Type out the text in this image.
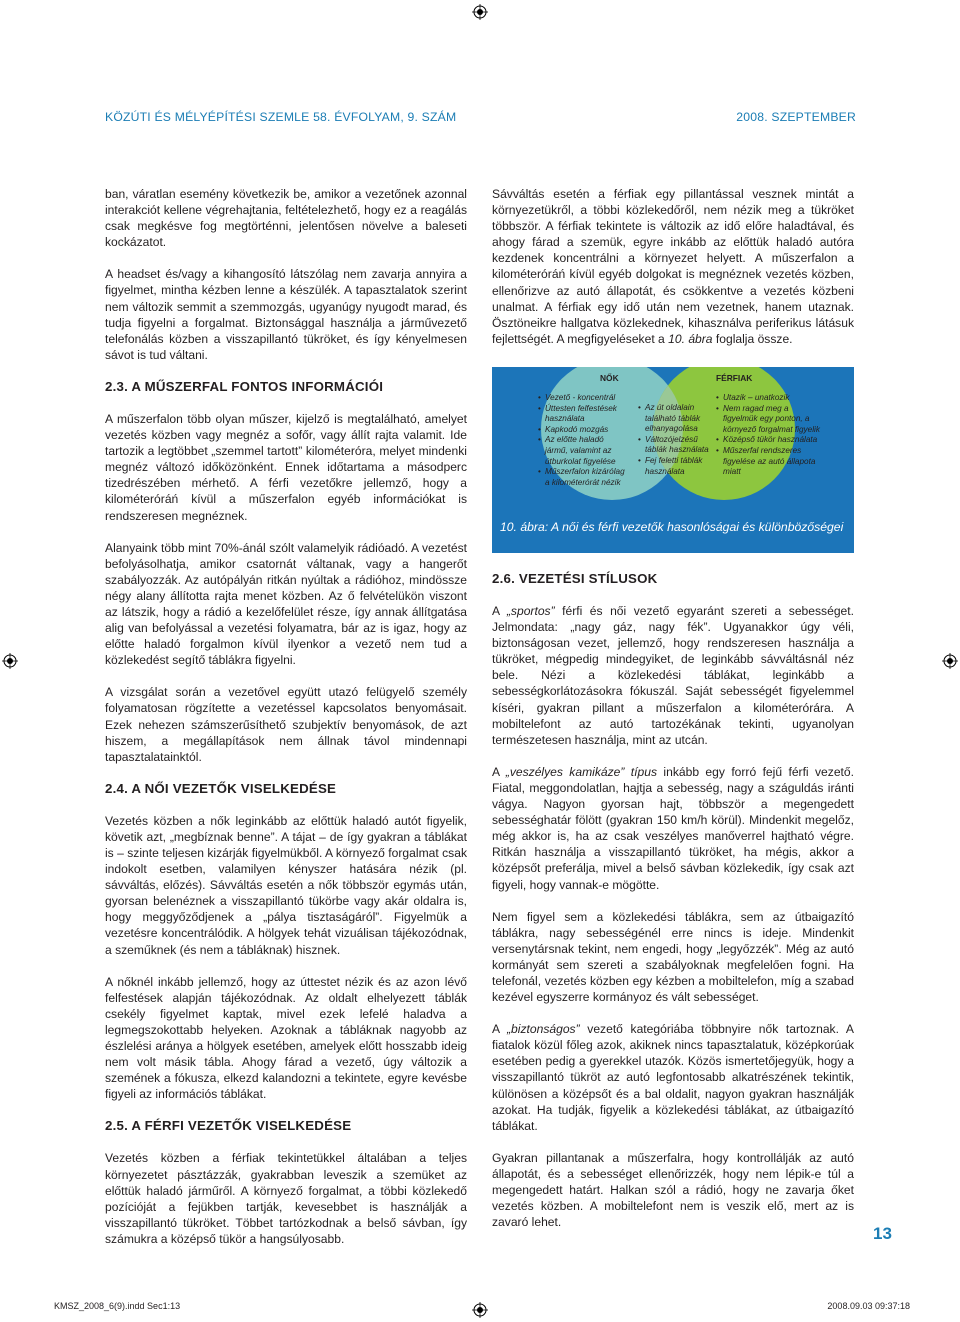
KÖZÚTI ÉS MÉLYÉPÍTÉSI SZEMLE 58. ÉVFOLYAM, 9. SZÁM	2008. SZEPTEMBER

ban, váratlan esemény következik be, amikor a vezetőnek azonnal interakciót kellene végrehajtania, feltételezhető, hogy ez a reagálás csak megkésve fog megtörténni, jelentősen növelve a baleseti kockázatot.

A headset és/vagy a kihangosító látszólag nem zavarja annyira a figyelmet, mintha kézben lenne a készülék. A tapasztalatok szerint nem változik semmit a szemmozgás, ugyanúgy nyugodt marad, és tudja figyelni a forgalmat. Biztonsággal használja a járművezető telefonálás közben a visszapillantó tükröket, és így kényelmesen sávot is tud váltani.

2.3. A MŰSZERFAL FONTOS INFORMÁCIÓI

A műszerfalon több olyan műszer, kijelző is megtalálható, amelyet vezetés közben vagy megnéz a sofőr, vagy állít rajta valamit. Ide tartozik a legtöbbet „szemmel tartott” kilométeróra, melyet mindenki megnéz változó időközönként. Ennek időtartama a másodperc tizedrészében mérhető. A férfi vezetőkre jellemző, hogy a kilométeróráń kívül a műszerfalon egyéb információkat is rendszeresen megnéznek.

Alanyaink több mint 70%-ánál szólt valamelyik rádióadó. A vezetést befolyásolhatja, amikor csatornát váltanak, vagy a hangerőt szabályozzák. Az autópályán ritkán nyúltak a rádióhoz, mindössze négy alany állította rajta menet közben. Az ő felvételükön viszont az látszik, hogy a rádió a kezelőfelület része, így annak állítgatása alig van befolyással a vezetési folyamatra, bár az is igaz, hogy az előtte haladó forgalmon kívül ilyenkor a vezető nem tud a közlekedést segítő táblákra figyelni.

A vizsgálat során a vezetővel együtt utazó felügyelő személy folyamatosan rögzítette a vezetéssel kapcsolatos benyomásait. Ezek nehezen számszerűsíthető szubjektív benyomások, de azt hiszem, a megállapítások nem állnak távol mindennapi tapasztalatainktól.

2.4. A NŐI VEZETŐK VISELKEDÉSE

Vezetés közben a nők leginkább az előttük haladó autót figyelik, követik azt, „megbíznak benne”. A tájat – de így gyakran a táblákat is – szinte teljesen kizárják figyelmükből. A környező forgalmat csak indokolt esetben, valamilyen kényszer hatására nézik (pl. sávváltás, előzés). Sávváltás esetén a nők többször egymás után, gyorsan belenéznek a visszapillantó tükörbe vagy akár oldalra is, hogy meggyőződjenek a „pálya tisztaságáról”. Figyelmük a vezetésre koncentrálódik. A hölgyek tehát vizuálisan tájékozódnak, a szeműknek (és nem a tábláknak) hisznek.

A nőknél inkább jellemző, hogy az úttestet nézik és az azon lévő felfestések alapján tájékozódnak. Az oldalt elhelyezett táblák csekély figyelmet kaptak, mivel ezek lefelé haladva a legmegszokottabb helyeken. Azoknak a tábláknak nagyobb az észlelési aránya a hölgyek esetében, amelyek előtt hosszabb ideig nem volt másik tábla. Ahogy fárad a vezető, úgy változik a szemének a fókusza, elkezd kalandozni a tekintete, egyre kevésbe figyeli az információs táblákat.

2.5. A FÉRFI VEZETŐK VISELKEDÉSE

Vezetés közben a férfiak tekintetükkel általában a teljes környezetet pásztázzák, gyakrabban leveszik a szemüket az előttük haladó járműről. A környező forgalmat, a többi közlekedő pozícióját a fejükben tartják, kevesebbet is használják a visszapillantó tükröket. Többet tartózkodnak a belső sávban, így számukra a középső tükör a hangsúlyosabb.

Sávváltás esetén a férfiak egy pillantással vesznek mintát a környezetükről, a többi közlekedőről, nem nézik meg a tükröket többször. A férfiak tekintete is változik az idő előre haladtával, és ahogy fárad a szemük, egyre inkább az előttük haladó autóra kezdenek koncentrálni a környezet helyett. A műszerfalon a kilométeróráń kívül egyéb dolgokat is megnéznek vezetés közben, ellenőrizve az autó állapotát, és csökkentve a vezetés közbeni unalmat. A férfiak egy idő után nem vezetnek, hanem utaznak. Ösztöneikre hallgatva közlekednek, kihasználva periferikus látásuk fejlettségét. A megfigyeléseket a 10. ábra foglalja össze.

NŐK	FÉRFIAK
• Vezető - koncentrál
• Úttesten felfestések használata
• Kapkodó mozgás
• Az előtte haladó jármű, valamint az útburkolat figyelése
• Műszerfalon kizárólag a kilométerórát nézik
• Az út oldalain található táblák elhanyagolása
• Változójelzésű táblák használata
• Fej feletti táblák használata
• Utazik – unatkozik
• Nem ragad meg a figyelmük egy ponton, a környező forgalmat figyelik
• Középső tükör használata
• Műszerfal rendszeres figyelése az autó állapota miatt
10. ábra: A női és férfi vezetők hasonlóságai és különbözőségei
2.6. VEZETÉSI STÍLUSOK

A „sportos” férfi és női vezető egyaránt szereti a sebességet. Jelmondata: „nagy gáz, nagy fék”. Ugyanakkor úgy véli, biztonságosan vezet, jellemző, hogy rendszeresen használja a tükröket, mégpedig mindegyiket, de leginkább sávváltásnál néz bele. Nézi a közlekedési táblákat, leginkább a sebességkorlátozásokra fókuszál. Saját sebességét figyelemmel kíséri, gyakran pillant a műszerfalon a kilométerórára. A mobiltelefont az autó tartozékának tekinti, ugyanolyan természetesen használja, mint az utcán.

A „veszélyes kamikáze” típus inkább egy forró fejű férfi vezető. Fiatal, meggondolatlan, hajtja a sebesség, nagy a száguldás iránti vágya. Nagyon gyorsan hajt, többször a megengedett sebességhatár fölött (gyakran 150 km/h körül). Mindenkit megelőz, még akkor is, ha az csak veszélyes manőverrel hajtható végre. Ritkán használja a visszapillantó tükröket, ha mégis, akkor a középsőt preferálja, mivel a belső sávban közlekedik, így csak azt figyeli, hogy vannak-e mögötte.

Nem figyel sem a közlekedési táblákra, sem az útbaigazító táblákra, nagy sebességénél erre nincs is ideje. Mindenkit versenytársnak tekint, nem engedi, hogy „legyőzzék”. Még az autó kormányát sem szereti a szabályoknak megfelelően fogni. Ha telefonál, vezetés közben egy kézben a mobiltelefon, míg a szabad kezével egyszerre kormányoz és vált sebességet.

A „biztonságos” vezető kategóriába többnyire nők tartoznak. A fiatalok közül főleg azok, akiknek nincs tapasztalatuk, középkorúak esetében pedig a gyerekkel utazók. Közös ismertetőjegyük, hogy a visszapillantó tükröt az autó legfontosabb alkatrészének tekintik, különösen a középsőt és a bal oldalit, nagyon gyakran használják azokat. Ha tudják, figyelik a közlekedési táblákat, az útbaigazító táblákat.

Gyakran pillantanak a műszerfalra, hogy kontrollálják az autó állapotát, és a sebességet ellenőrizzék, hogy nem lépik-e túl a megengedett határt. Halkan szól a rádió, hogy ne zavarja őket vezetés közben. A mobiltelefont nem is veszik elő, mert az is zavaró lehet.

13
KMSZ_2008_6(9).indd Sec1:13	2008.09.03 09:37:18
